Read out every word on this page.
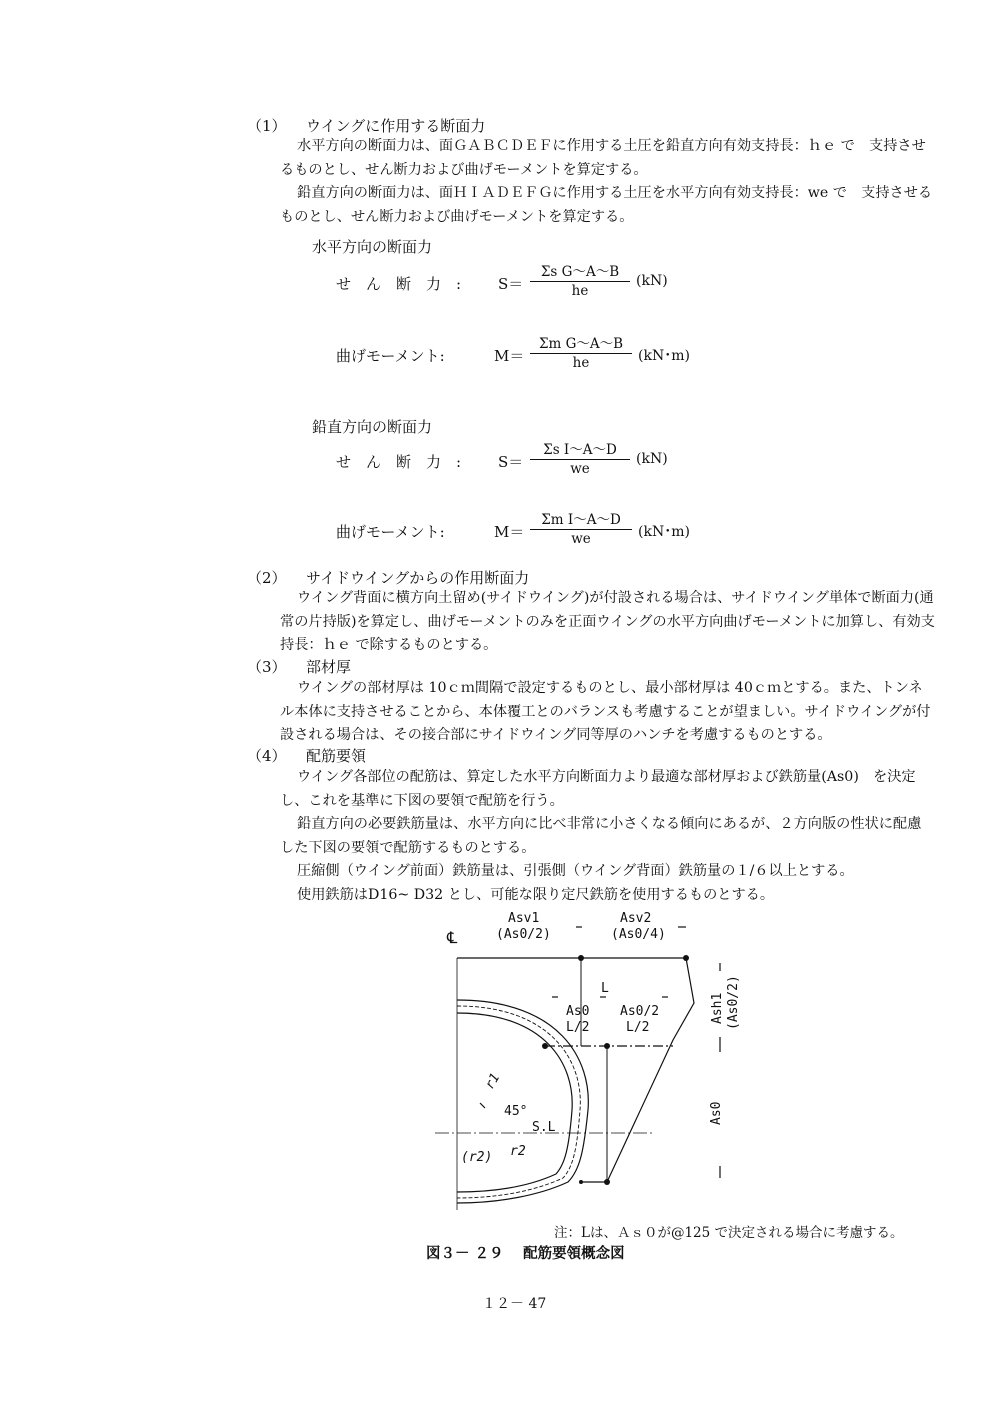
（1） ウイングに作用する断面力
水平方向の断面力は、面ＧＡＢＣＤＥＦに作用する土圧を鉛直方向有効支持長：ｈｅ で　支持させるものとし、せん断力および曲げモーメントを算定する。
鉛直方向の断面力は、面ＨＩＡＤＥＦＧに作用する土圧を水平方向有効支持長：we で　支持させるものとし、せん断力および曲げモーメントを算定する。
水平方向の断面力
せ　ん　断　力　: $S= \frac{\text{Σs G〜A〜B}}{he} (kN)$
曲げモーメント:	$M= \frac{\text{Σm G〜A〜B}}{he} (kN$･m)
鉛直方向の断面力
せ　ん　断　力　: $S= \frac{\text{Σs I〜A〜D}}{we} (kN)$
曲げモーメント:	$M= \frac{\text{Σm I〜A〜D}}{we} (kN$･m)
（2） サイドウイングからの作用断面力
ウイング背面に横方向土留め(サイドウイング)が付設される場合は、サイドウイング単体で断面力(通常の片持版)を算定し、曲げモーメントのみを正面ウイングの水平方向曲げモーメントに加算し、有効支持長：ｈｅ で除するものとする。
（3） 部材厚
ウイングの部材厚は 10ｃｍ間隔で設定するものとし、最小部材厚は 40ｃｍとする。また、トンネル本体に支持させることから、本体覆工とのバランスも考慮することが望ましい。サイドウイングが付設される場合は、その接合部にサイドウイング同等厚のハンチを考慮するものとする。
（4） 配筋要領
ウイング各部位の配筋は、算定した水平方向断面力より最適な部材厚および鉄筋量(As0)　を決定し、これを基準に下図の要領で配筋を行う。
鉛直方向の必要鉄筋量は、水平方向に比べ非常に小さくなる傾向にあるが、２方向版の性状に配慮した下図の要領で配筋するものとする。
圧縮側（ウイング前面）鉄筋量は、引張側（ウイング背面）鉄筋量の１/６以上とする。
使用鉄筋はD16~ D32 とし、可能な限り定尺鉄筋を使用するものとする。
℄
Asv1
(As0/2)
Asv2
(As0/4)
L
As0
L/2
As0/2
L/2
Ash1 (As0/2)
As0
r1
45°
S.L
r2
(r2)
注：Lは、Ａｓ０が@125 で決定される場合に考慮する。
図３－ ２９　 配筋要領概念図
１２－ 47
